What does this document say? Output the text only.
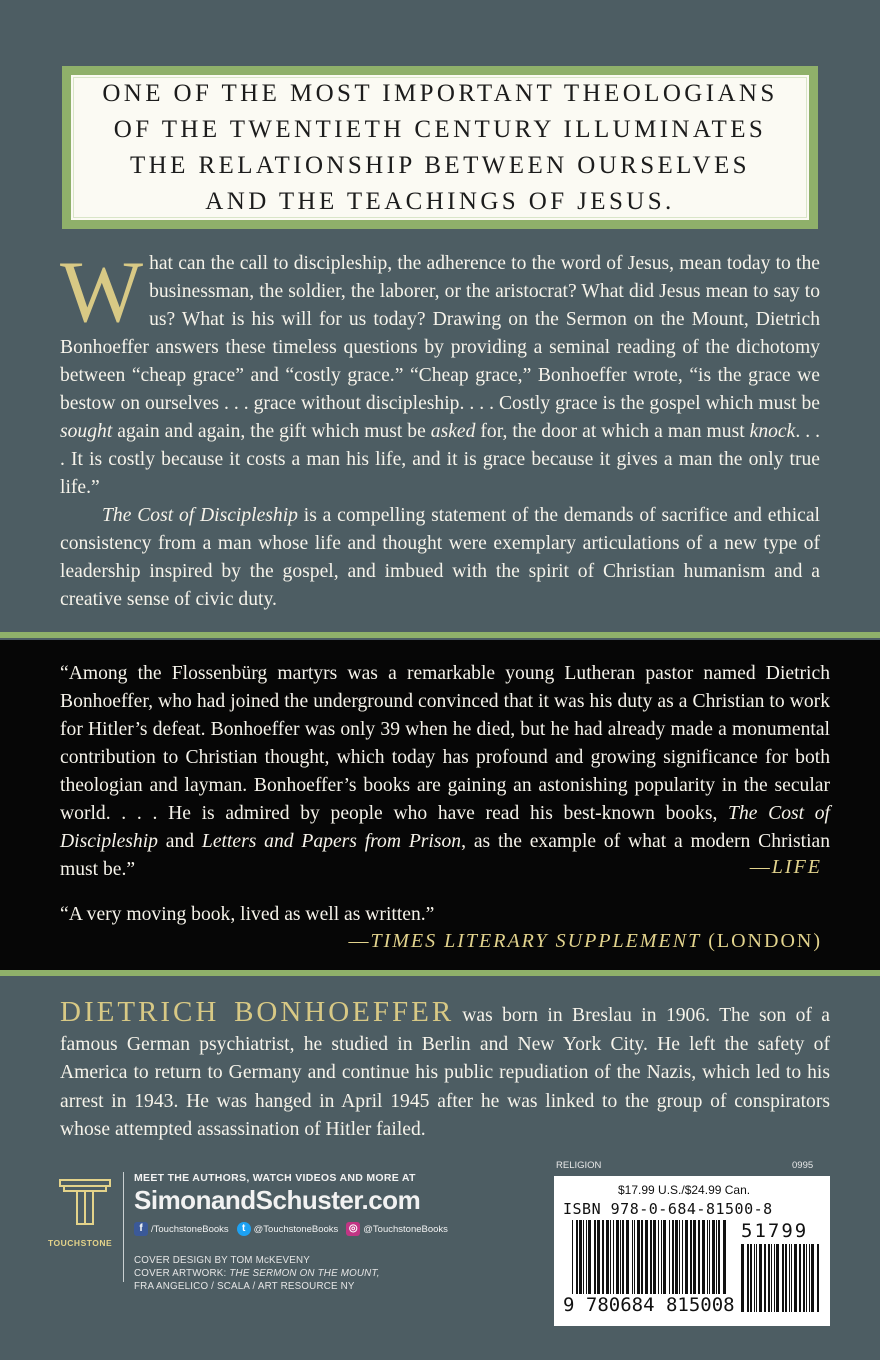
ONE OF THE MOST IMPORTANT THEOLOGIANS
OF THE TWENTIETH CENTURY ILLUMINATES
THE RELATIONSHIP BETWEEN OURSELVES
AND THE TEACHINGS OF JESUS.

What can the call to discipleship, the adherence to the word of Jesus, mean today to the businessman, the soldier, the laborer, or the aristocrat? What did Jesus mean to say to us? What is his will for us today? Drawing on the Sermon on the Mount, Dietrich Bonhoeffer answers these timeless questions by providing a seminal reading of the dichotomy between “cheap grace” and “costly grace.” “Cheap grace,” Bonhoeffer wrote, “is the grace we bestow on ourselves . . . grace without discipleship. . . . Costly grace is the gospel which must be sought again and again, the gift which must be asked for, the door at which a man must knock. . . . It is costly because it costs a man his life, and it is grace because it gives a man the only true life.”

The Cost of Discipleship is a compelling statement of the demands of sacrifice and ethical consistency from a man whose life and thought were exemplary articulations of a new type of leadership inspired by the gospel, and imbued with the spirit of Christian humanism and a creative sense of civic duty.

“Among the Flossenbürg martyrs was a remarkable young Lutheran pastor named Dietrich Bonhoeffer, who had joined the underground convinced that it was his duty as a Christian to work for Hitler’s defeat. Bonhoeffer was only 39 when he died, but he had already made a monumental contribution to Christian thought, which today has profound and growing significance for both theologian and layman. Bonhoeffer’s books are gaining an astonishing popularity in the secular world. . . . He is admired by people who have read his best-known books, The Cost of Discipleship and Letters and Papers from Prison, as the example of what a modern Christian must be.”	—LIFE
“A very moving book, lived as well as written.”
—TIMES LITERARY SUPPLEMENT (LONDON)

DIETRICH BONHOEFFER was born in Breslau in 1906. The son of a famous German psychiatrist, he studied in Berlin and New York City. He left the safety of America to return to Germany and continue his public repudiation of the Nazis, which led to his arrest in 1943. He was hanged in April 1945 after he was linked to the group of conspirators whose attempted assassination of Hitler failed.

TOUCHSTONE
MEET THE AUTHORS, WATCH VIDEOS AND MORE AT
SimonandSchuster.com
f /TouchstoneBooks	t @TouchstoneBooks ◎ @TouchstoneBooks
COVER DESIGN BY TOM McKEVENY
COVER ARTWORK: THE SERMON ON THE MOUNT,
FRA ANGELICO / SCALA / ART RESOURCE NY
RELIGION	0995
$17.99 U.S./$24.99 Can.
ISBN 978-0-684-81500-8
9 780684 815008
51799
